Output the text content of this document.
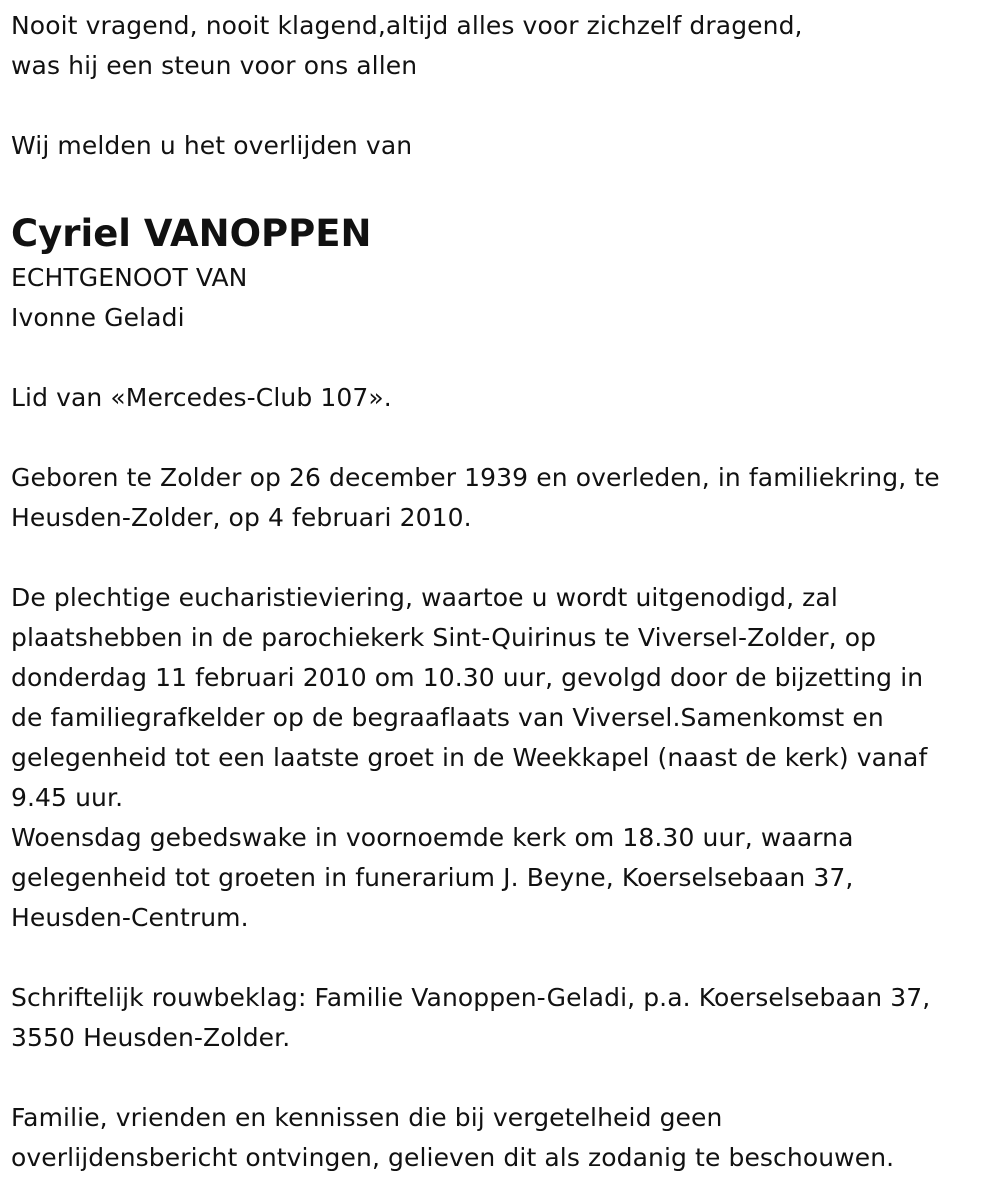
Nooit vragend, nooit klagend,altijd alles voor zichzelf dragend,
was hij een steun voor ons allen
Wij melden u het overlijden van
Cyriel VANOPPEN
ECHTGENOOT VAN
Ivonne Geladi
Lid van «Mercedes-Club 107».
Geboren te Zolder op 26 december 1939 en overleden, in familiekring, te
Heusden-Zolder, op 4 februari 2010.
De plechtige eucharistieviering, waartoe u wordt uitgenodigd, zal
plaatshebben in de parochiekerk Sint-Quirinus te Viversel-Zolder, op
donderdag 11 februari 2010 om 10.30 uur, gevolgd door de bijzetting in
de familiegrafkelder op de begraaflaats van Viversel.Samenkomst en
gelegenheid tot een laatste groet in de Weekkapel (naast de kerk) vanaf
9.45 uur.
Woensdag gebedswake in voornoemde kerk om 18.30 uur, waarna
gelegenheid tot groeten in funerarium J. Beyne, Koerselsebaan 37,
Heusden-Centrum.
Schriftelijk rouwbeklag: Familie Vanoppen-Geladi, p.a. Koerselsebaan 37,
3550 Heusden-Zolder.
Familie, vrienden en kennissen die bij vergetelheid geen
overlijdensbericht ontvingen, gelieven dit als zodanig te beschouwen.
